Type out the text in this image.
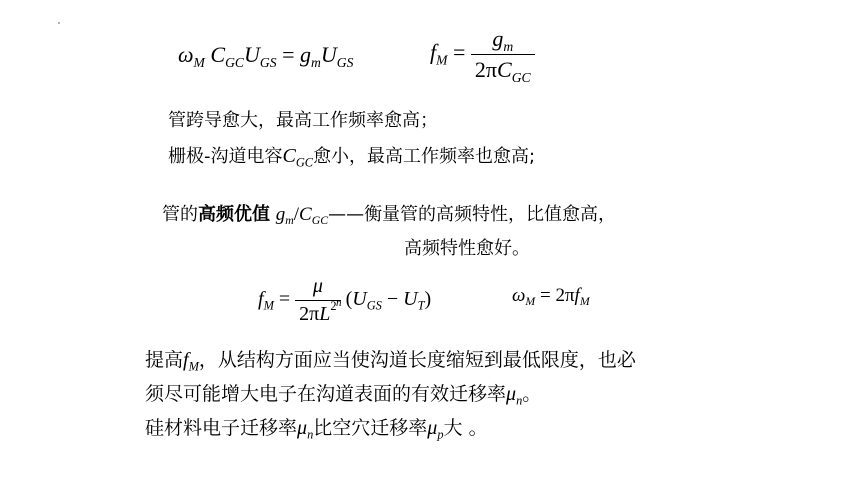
$\omega_M$ $C_{GC}U_{GS} = g_mU_{GS}$	$f_M = \frac{g_m}{2\pi C_{GC}}$
管跨导愈大，最高工作频率愈高；
栅极-沟道电容$C_{GC}$愈小，最高工作频率也愈高;
管的高频优值 $g_m/C_{GC}——$衡量管的高频特性，比值愈高，
高频特性愈好。
$f_M = \frac{\mu}{2\pi L^2} (U_{GS} - U_T)$
n	$\omega_M = 2\pi f_M$
提高$f_M$，从结构方面应当使沟道长度缩短到最低限度，也必
须尽可能增大电子在沟道表面的有效迁移率$\mu_n$。
硅材料电子迁移率$\mu_n$比空穴迁移率$\mu_p$大 。
